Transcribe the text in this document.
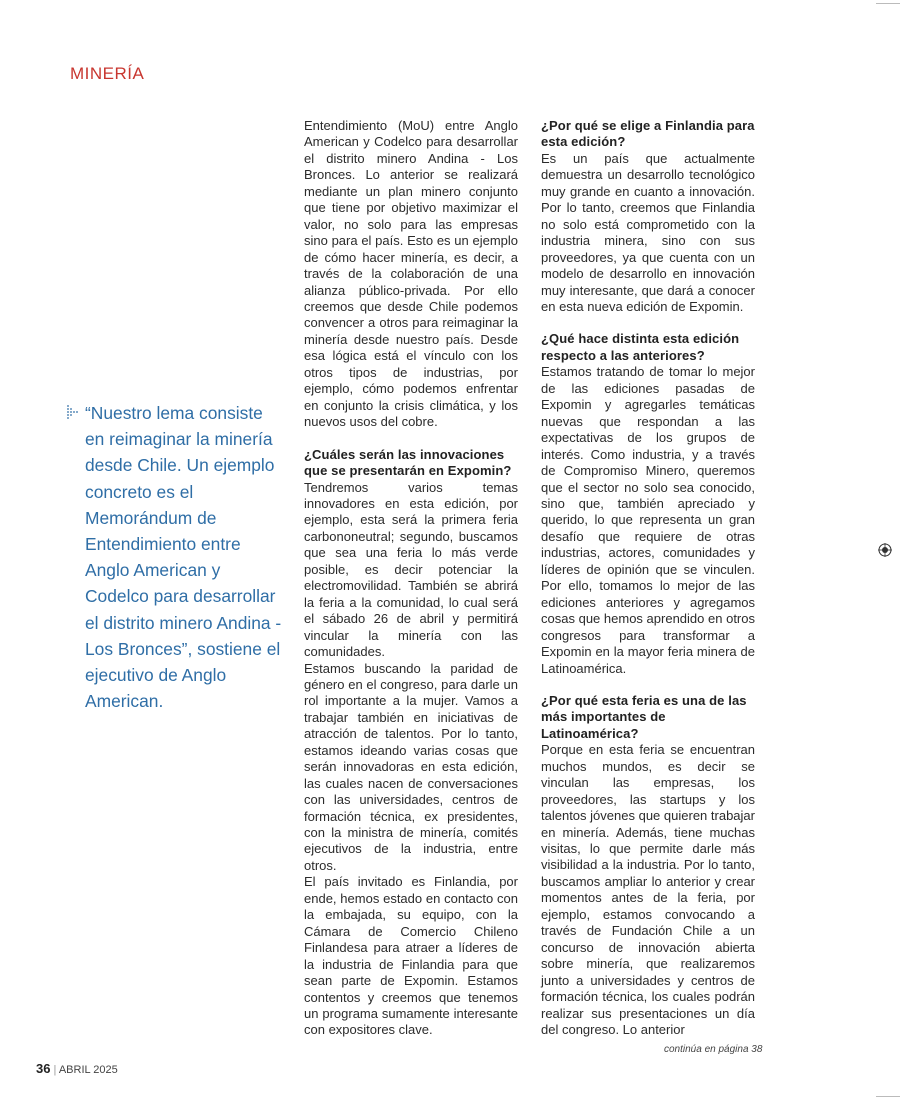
MINERÍA
“Nuestro lema consiste en reimaginar la minería desde Chile. Un ejemplo concreto es el Memorándum de Entendimiento entre Anglo American y Codelco para desarrollar el distrito minero Andina - Los Bronces”, sostiene el ejecutivo de Anglo American.

Entendimiento (MoU) entre Anglo American y Codelco para desarrollar el distrito minero Andina - Los Bronces. Lo anterior se realizará mediante un plan minero conjunto que tiene por objetivo maximizar el valor, no solo para las empresas sino para el país. Esto es un ejemplo de cómo hacer minería, es decir, a través de la colaboración de una alianza público-privada. Por ello creemos que desde Chile podemos convencer a otros para reimaginar la minería desde nuestro país. Desde esa lógica está el vínculo con los otros tipos de industrias, por ejemplo, cómo podemos enfrentar en conjunto la crisis climática, y los nuevos usos del cobre.

¿Cuáles serán las innovaciones que se presentarán en Expomin?

Tendremos varios temas innovadores en esta edición, por ejemplo, esta será la primera feria carbononeutral; segundo, buscamos que sea una feria lo más verde posible, es decir potenciar la electromovilidad. También se abrirá la feria a la comunidad, lo cual será el sábado 26 de abril y permitirá vincular la minería con las comunidades.

Estamos buscando la paridad de género en el congreso, para darle un rol importante a la mujer. Vamos a trabajar también en iniciativas de atracción de talentos. Por lo tanto, estamos ideando varias cosas que serán innovadoras en esta edición, las cuales nacen de conversaciones con las universidades, centros de formación técnica, ex presidentes, con la ministra de minería, comités ejecutivos de la industria, entre otros.

El país invitado es Finlandia, por ende, hemos estado en contacto con la embajada, su equipo, con la Cámara de Comercio Chileno Finlandesa para atraer a líderes de la industria de Finlandia para que sean parte de Expomin. Estamos contentos y creemos que tenemos un programa sumamente interesante con expositores clave.

¿Por qué se elige a Finlandia para esta edición?

Es un país que actualmente demuestra un desarrollo tecnológico muy grande en cuanto a innovación. Por lo tanto, creemos que Finlandia no solo está comprometido con la industria minera, sino con sus proveedores, ya que cuenta con un modelo de desarrollo en innovación muy interesante, que dará a conocer en esta nueva edición de Expomin.

¿Qué hace distinta esta edición respecto a las anteriores?

Estamos tratando de tomar lo mejor de las ediciones pasadas de Expomin y agregarles temáticas nuevas que respondan a las expectativas de los grupos de interés. Como industria, y a través de Compromiso Minero, queremos que el sector no solo sea conocido, sino que, también apreciado y querido, lo que representa un gran desafío que requiere de otras industrias, actores, comunidades y líderes de opinión que se vinculen. Por ello, tomamos lo mejor de las ediciones anteriores y agregamos cosas que hemos aprendido en otros congresos para transformar a Expomin en la mayor feria minera de Latinoamérica.

¿Por qué esta feria es una de las más importantes de Latinoamérica?

Porque en esta feria se encuentran muchos mundos, es decir se vinculan las empresas, los proveedores, las startups y los talentos jóvenes que quieren trabajar en minería. Además, tiene muchas visitas, lo que permite darle más visibilidad a la industria. Por lo tanto, buscamos ampliar lo anterior y crear momentos antes de la feria, por ejemplo, estamos convocando a través de Fundación Chile a un concurso de innovación abierta sobre minería, que realizaremos junto a universidades y centros de formación técnica, los cuales podrán realizar sus presentaciones un día del congreso. Lo anterior

continúa en página 38
36 | ABRIL 2025
